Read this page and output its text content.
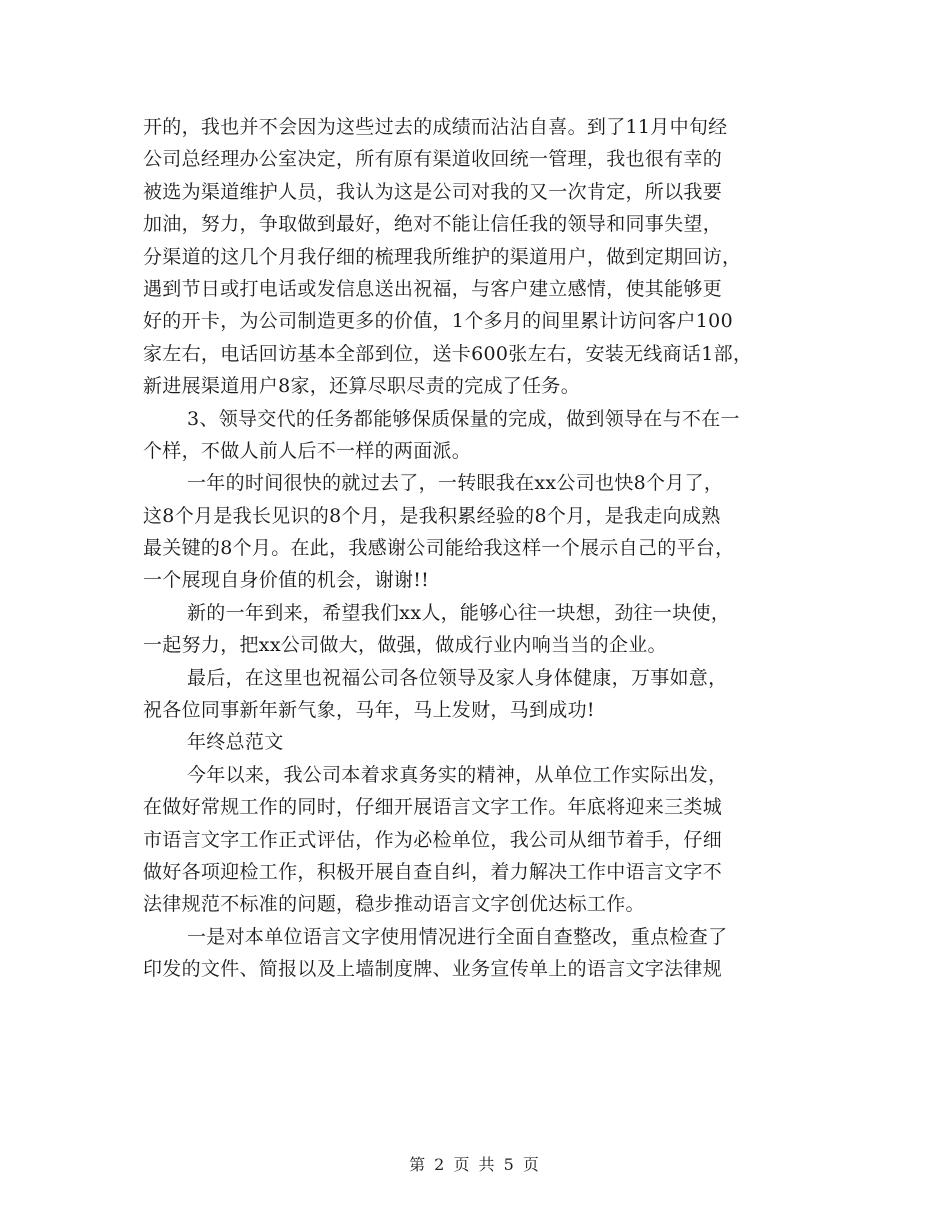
开的，我也并不会因为这些过去的成绩而沾沾自喜。到了11月中旬经
公司总经理办公室决定，所有原有渠道收回统一管理，我也很有幸的
被选为渠道维护人员，我认为这是公司对我的又一次肯定，所以我要
加油，努力，争取做到最好，绝对不能让信任我的领导和同事失望，
分渠道的这几个月我仔细的梳理我所维护的渠道用户，做到定期回访，
遇到节日或打电话或发信息送出祝福，与客户建立感情，使其能够更
好的开卡，为公司制造更多的价值，1个多月的间里累计访问客户100
家左右，电话回访基本全部到位，送卡600张左右，安装无线商话1部，
新进展渠道用户8家，还算尽职尽责的完成了任务。
3、领导交代的任务都能够保质保量的完成，做到领导在与不在一
个样，不做人前人后不一样的两面派。
一年的时间很快的就过去了，一转眼我在xx公司也快8个月了，
这8个月是我长见识的8个月，是我积累经验的8个月，是我走向成熟
最关键的8个月。在此，我感谢公司能给我这样一个展示自己的平台，
一个展现自身价值的机会，谢谢!!
新的一年到来，希望我们xx人，能够心往一块想，劲往一块使，
一起努力，把xx公司做大，做强，做成行业内响当当的企业。
最后，在这里也祝福公司各位领导及家人身体健康，万事如意，
祝各位同事新年新气象，马年，马上发财，马到成功!
年终总范文
今年以来，我公司本着求真务实的精神，从单位工作实际出发，
在做好常规工作的同时，仔细开展语言文字工作。年底将迎来三类城
市语言文字工作正式评估，作为必检单位，我公司从细节着手，仔细
做好各项迎检工作，积极开展自查自纠，着力解决工作中语言文字不
法律规范不标准的问题，稳步推动语言文字创优达标工作。
一是对本单位语言文字使用情况进行全面自查整改，重点检查了
印发的文件、简报以及上墙制度牌、业务宣传单上的语言文字法律规
第 2 页 共 5 页
